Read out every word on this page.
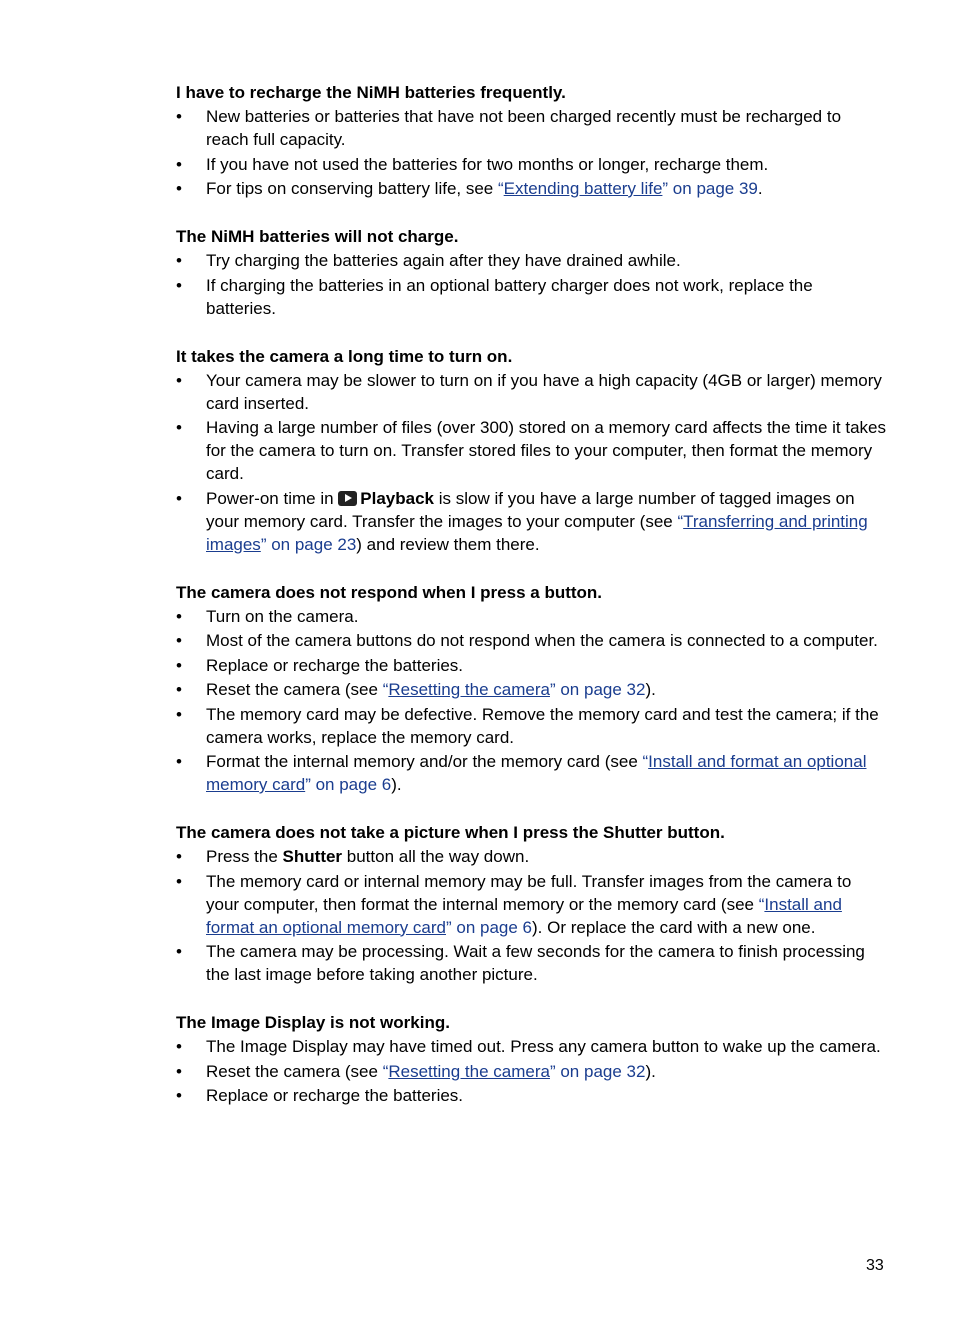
I have to recharge the NiMH batteries frequently.
• New batteries or batteries that have not been charged recently must be recharged to reach full capacity.
• If you have not used the batteries for two months or longer, recharge them.
• For tips on conserving battery life, see “Extending battery life” on page 39.
The NiMH batteries will not charge.
• Try charging the batteries again after they have drained awhile.
• If charging the batteries in an optional battery charger does not work, replace the batteries.
It takes the camera a long time to turn on.
• Your camera may be slower to turn on if you have a high capacity (4GB or larger) memory card inserted.
• Having a large number of files (over 300) stored on a memory card affects the time it takes for the camera to turn on. Transfer stored files to your computer, then format the memory card.
• Power-on time in Playback is slow if you have a large number of tagged images on your memory card. Transfer the images to your computer (see “Transferring and printing images” on page 23) and review them there.
The camera does not respond when I press a button.
• Turn on the camera.
• Most of the camera buttons do not respond when the camera is connected to a computer.
• Replace or recharge the batteries.
• Reset the camera (see “Resetting the camera” on page 32).
• The memory card may be defective. Remove the memory card and test the camera; if the camera works, replace the memory card.
• Format the internal memory and/or the memory card (see “Install and format an optional memory card” on page 6).
The camera does not take a picture when I press the Shutter button.
• Press the Shutter button all the way down.
• The memory card or internal memory may be full. Transfer images from the camera to your computer, then format the internal memory or the memory card (see “Install and format an optional memory card” on page 6). Or replace the card with a new one.
• The camera may be processing. Wait a few seconds for the camera to finish processing the last image before taking another picture.
The Image Display is not working.
• The Image Display may have timed out. Press any camera button to wake up the camera.
• Reset the camera (see “Resetting the camera” on page 32).
• Replace or recharge the batteries.
33
